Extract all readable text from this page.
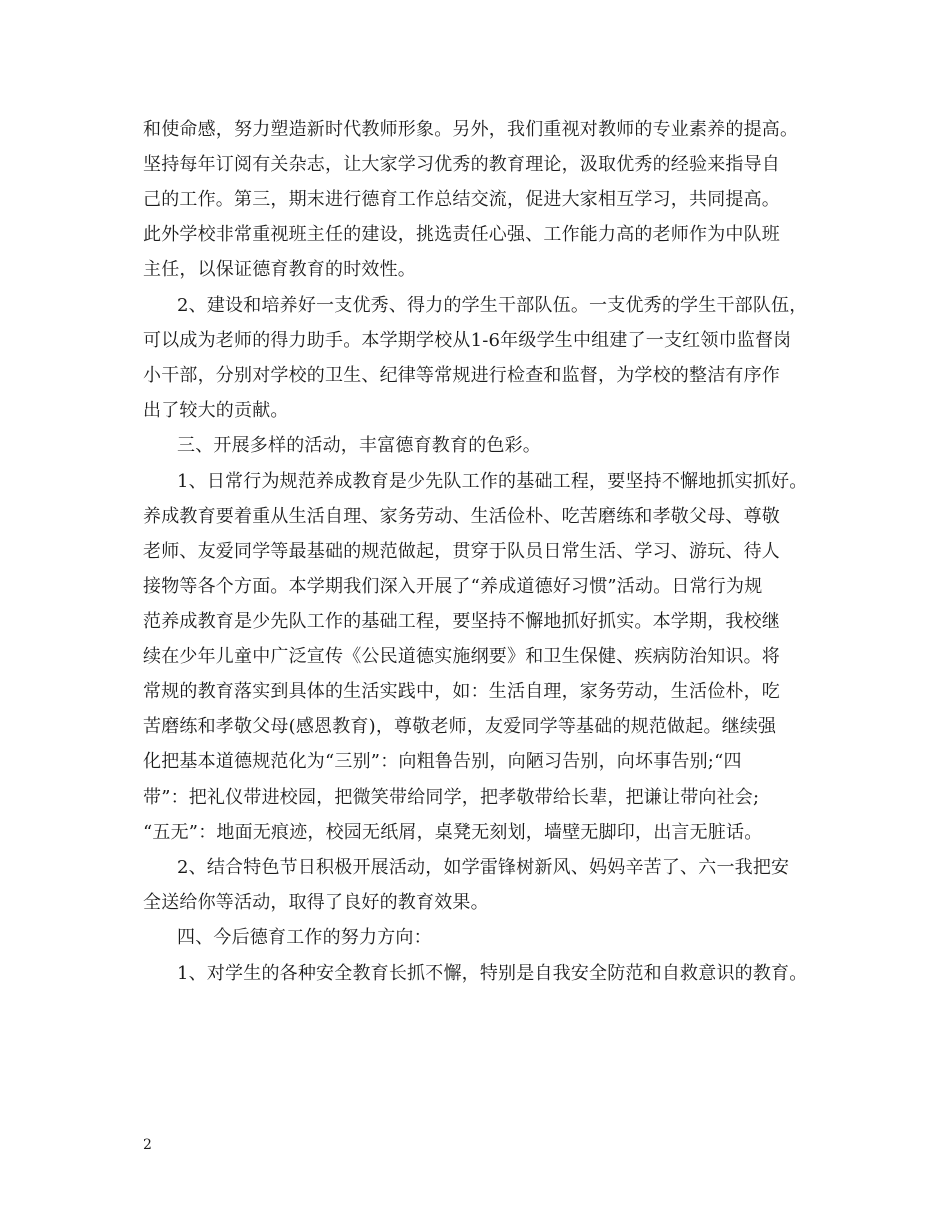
和使命感，努力塑造新时代教师形象。另外，我们重视对教师的专业素养的提高。
坚持每年订阅有关杂志，让大家学习优秀的教育理论，汲取优秀的经验来指导自
己的工作。第三，期末进行德育工作总结交流，促进大家相互学习，共同提高。
此外学校非常重视班主任的建设，挑选责任心强、工作能力高的老师作为中队班
主任，以保证德育教育的时效性。
2、建设和培养好一支优秀、得力的学生干部队伍。一支优秀的学生干部队伍，
可以成为老师的得力助手。本学期学校从1-6年级学生中组建了一支红领巾监督岗
小干部，分别对学校的卫生、纪律等常规进行检查和监督，为学校的整洁有序作
出了较大的贡献。
三、开展多样的活动，丰富德育教育的色彩。
1、日常行为规范养成教育是少先队工作的基础工程，要坚持不懈地抓实抓好。
养成教育要着重从生活自理、家务劳动、生活俭朴、吃苦磨练和孝敬父母、尊敬
老师、友爱同学等最基础的规范做起，贯穿于队员日常生活、学习、游玩、待人
接物等各个方面。本学期我们深入开展了“养成道德好习惯”活动。日常行为规
范养成教育是少先队工作的基础工程，要坚持不懈地抓好抓实。本学期，我校继
续在少年儿童中广泛宣传《公民道德实施纲要》和卫生保健、疾病防治知识。将
常规的教育落实到具体的生活实践中，如：生活自理，家务劳动，生活俭朴，吃
苦磨练和孝敬父母(感恩教育)，尊敬老师，友爱同学等基础的规范做起。继续强
化把基本道德规范化为“三别”：向粗鲁告别，向陋习告别，向坏事告别;“四
带”：把礼仪带进校园，把微笑带给同学，把孝敬带给长辈，把谦让带向社会;
“五无”：地面无痕迹，校园无纸屑，桌凳无刻划，墙壁无脚印，出言无脏话。
2、结合特色节日积极开展活动，如学雷锋树新风、妈妈辛苦了、六一我把安
全送给你等活动，取得了良好的教育效果。
四、今后德育工作的努力方向：
1、对学生的各种安全教育长抓不懈，特别是自我安全防范和自救意识的教育。
2
